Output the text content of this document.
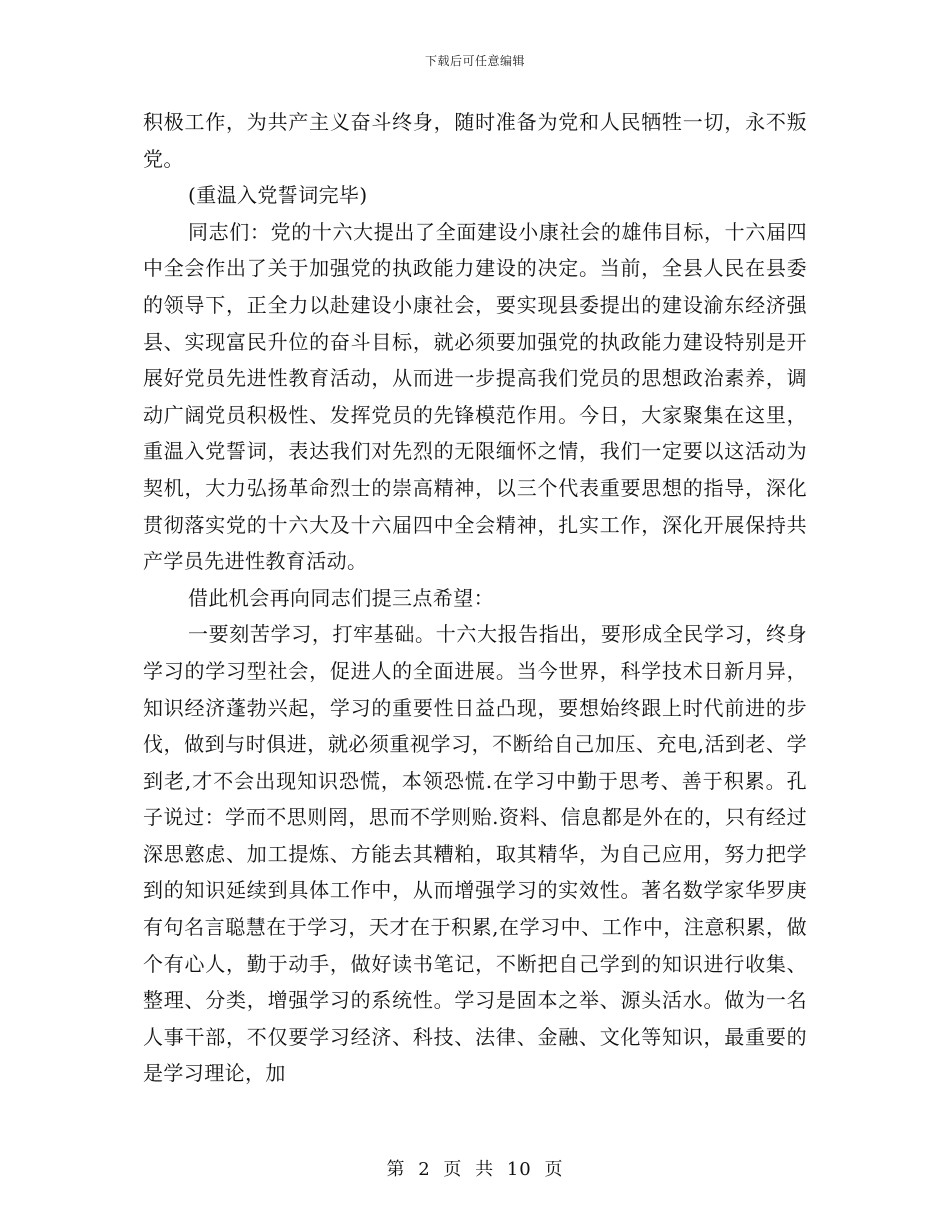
下载后可任意编辑

积极工作，为共产主义奋斗终身，随时准备为党和人民牺牲一切，永不叛党。

(重温入党誓词完毕)

同志们：党的十六大提出了全面建设小康社会的雄伟目标，十六届四中全会作出了关于加强党的执政能力建设的决定。当前，全县人民在县委的领导下，正全力以赴建设小康社会，要实现县委提出的建设渝东经济强县、实现富民升位的奋斗目标，就必须要加强党的执政能力建设特别是开展好党员先进性教育活动，从而进一步提高我们党员的思想政治素养，调动广阔党员积极性、发挥党员的先锋模范作用。今日，大家聚集在这里，重温入党誓词，表达我们对先烈的无限缅怀之情，我们一定要以这活动为契机，大力弘扬革命烈士的崇高精神，以三个代表重要思想的指导，深化贯彻落实党的十六大及十六届四中全会精神，扎实工作，深化开展保持共产学员先进性教育活动。

借此机会再向同志们提三点希望：

一要刻苦学习，打牢基础。十六大报告指出，要形成全民学习，终身学习的学习型社会，促进人的全面进展。当今世界，科学技术日新月异，知识经济蓬勃兴起，学习的重要性日益凸现，要想始终跟上时代前进的步伐，做到与时俱进，就必须重视学习，不断给自己加压、充电,活到老、学到老,才不会出现知识恐慌，本领恐慌.在学习中勤于思考、善于积累。孔子说过：学而不思则罔，思而不学则贻.资料、信息都是外在的，只有经过深思憝虑、加工提炼、方能去其糟粕，取其精华，为自己应用，努力把学到的知识延续到具体工作中，从而增强学习的实效性。著名数学家华罗庚有句名言聪慧在于学习，天才在于积累,在学习中、工作中，注意积累，做个有心人，勤于动手，做好读书笔记，不断把自己学到的知识进行收集、整理、分类，增强学习的系统性。学习是固本之举、源头活水。做为一名人事干部，不仅要学习经济、科技、法律、金融、文化等知识，最重要的是学习理论，加

第 2 页 共 10 页
